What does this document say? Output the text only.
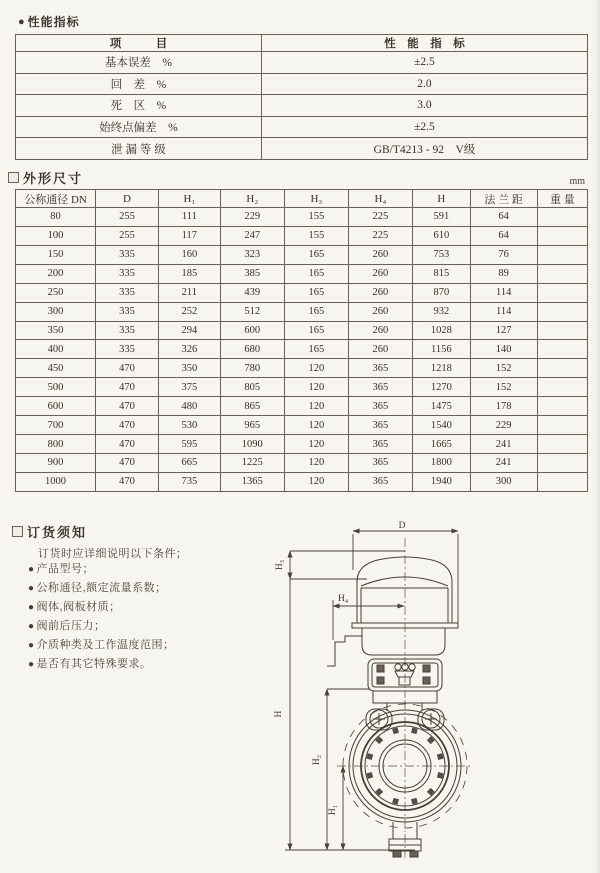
● 性能指标
项　　　目	性　能　指　标
基本误差　%	±2.5
回　差　%	2.0
死　区　%	3.0
始终点偏差　%	±2.5
泄 漏 等 级	GB/T4213 - 92　V级
外形尺寸	mm
公称通径 DN	D	H₁	H₂	H₃	H₄	H	法 兰 距	重 量
80	255	111	229	155	225	591	64	
100	255	117	247	155	225	610	64	
150	335	160	323	165	260	753	76	
200	335	185	385	165	260	815	89	
250	335	211	439	165	260	870	114	
300	335	252	512	165	260	932	114	
350	335	294	600	165	260	1028	127	
400	335	326	680	165	260	1156	140	
450	470	350	780	120	365	1218	152	
500	470	375	805	120	365	1270	152	
600	470	480	865	120	365	1475	178	
700	470	530	965	120	365	1540	229	
800	470	595	1090	120	365	1665	241	
900	470	665	1225	120	365	1800	241	
1000	470	735	1365	120	365	1940	300	
订货须知
订货时应详细说明以下条件；
● 产品型号；
● 公称通径,额定流量系数；
● 阀体,阀板材质；
● 阀前后压力；
● 介质种类及工作温度范围；
● 是否有其它特殊要求。
D
H₃
H
H₄
H₂
H₁
